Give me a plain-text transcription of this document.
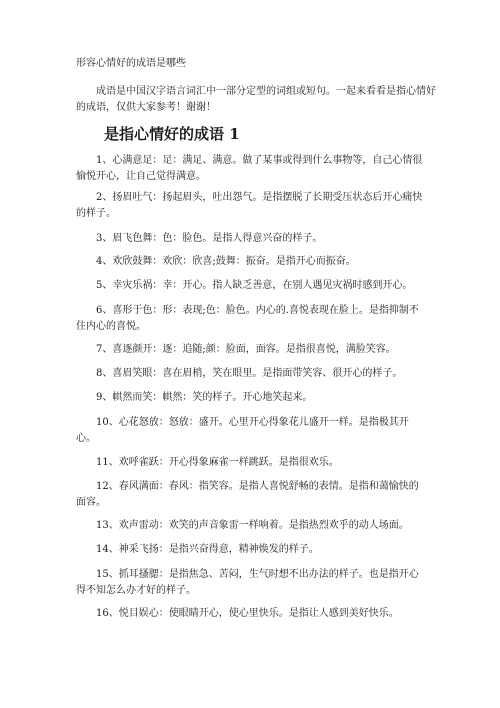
形容心情好的成语是哪些

成语是中国汉字语言词汇中一部分定型的词组或短句。一起来看看是指心情好的成语，仅供大家参考！谢谢！

是指心情好的成语 1

1、心满意足：足：满足、满意。做了某事或得到什么事物等，自己心情很愉悦开心，让自己觉得满意。

2、扬眉吐气：扬起眉头，吐出怨气。是指摆脱了长期受压状态后开心痛快的样子。

3、眉飞色舞：色：脸色。是指人得意兴奋的样子。

4、欢欣鼓舞：欢欣：欣喜;鼓舞：振奋。是指开心而振奋。

5、幸灾乐祸：幸：开心。指人缺乏善意，在别人遇见灾祸时感到开心。

6、喜形于色：形：表现;色：脸色。内心的.喜悦表现在脸上。是指抑制不住内心的喜悦。

7、喜逐颜开：逐：追随;颜：脸面，面容。是指很喜悦，满脸笑容。

8、喜眉笑眼：喜在眉梢，笑在眼里。是指面带笑容、很开心的样子。

9、帺然而笑：帺然：笑的样子。开心地笑起来。

10、心花怒放：怒放：盛开。心里开心得象花儿盛开一样。是指极其开心。

11、欢呼雀跃：开心得象麻雀一样跳跃。是指很欢乐。

12、春风满面：春风：指笑容。是指人喜悦舒畅的表情。是指和蔼愉快的面容。

13、欢声雷动：欢笑的声音象雷一样响着。是指热烈欢乎的动人场面。

14、神采飞扬：是指兴奋得意，精神焕发的样子。

15、抓耳搔腮：是指焦急、苦闷，生气时想不出办法的样子。也是指开心得不知怎么办才好的样子。

16、悦目娱心：使眼睛开心，使心里快乐。是指让人感到美好快乐。
